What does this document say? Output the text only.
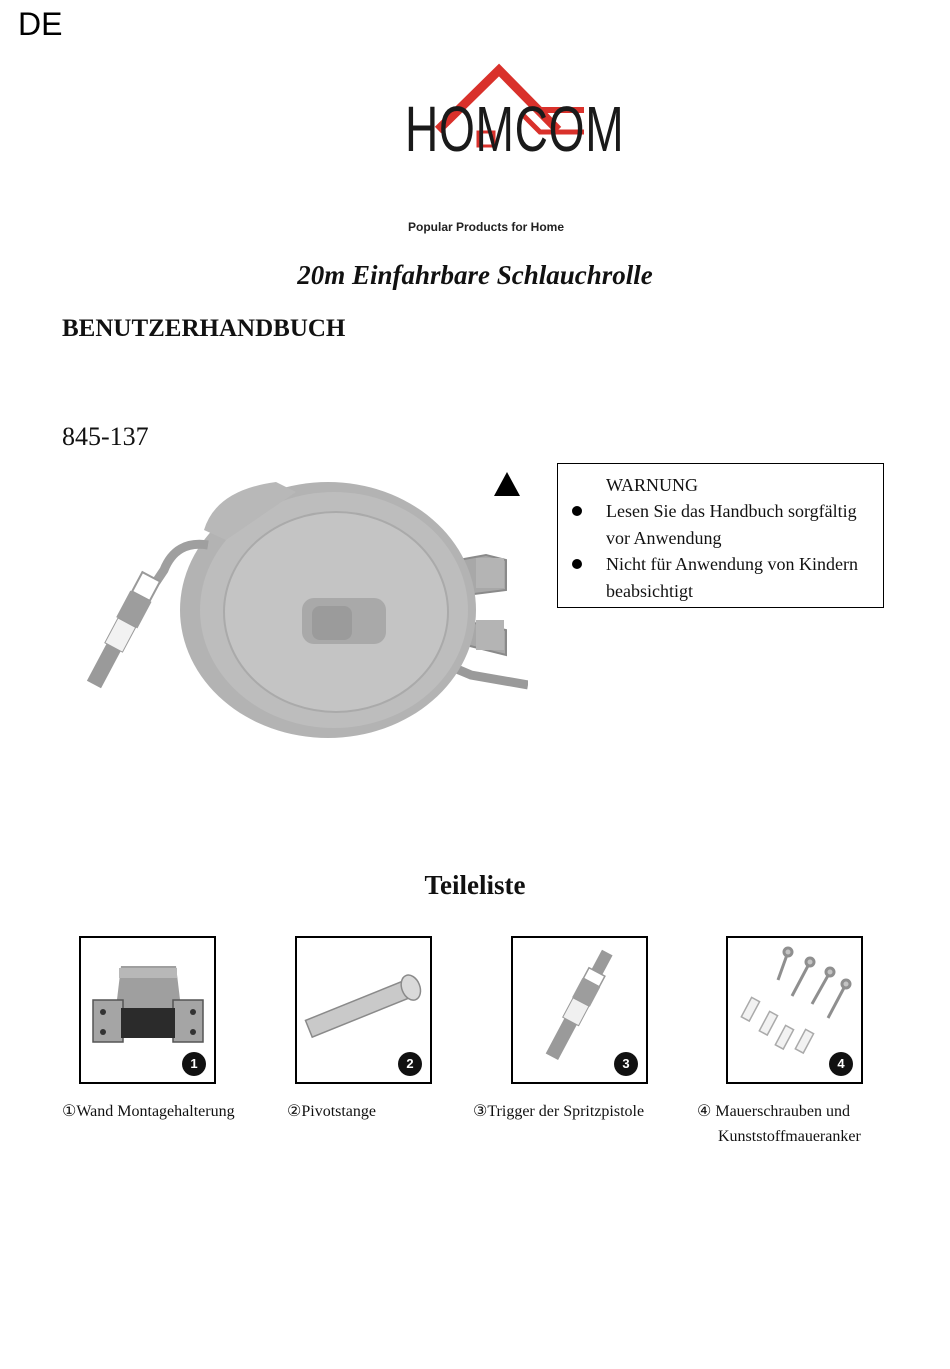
DE
HOMCOM
Popular Products for Home
20m Einfahrbare Schlauchrolle
BENUTZERHANDBUCH
845-137
WARNUNG
Lesen Sie das Handbuch sorgfältig vor Anwendung
Nicht für Anwendung von Kindern beabsichtigt
Teileliste
1	2	3	4
①Wand Montagehalterung	②Pivotstange	③Trigger der Spritzpistole	④ Mauerschrauben und
Kunststoffmaueranker
